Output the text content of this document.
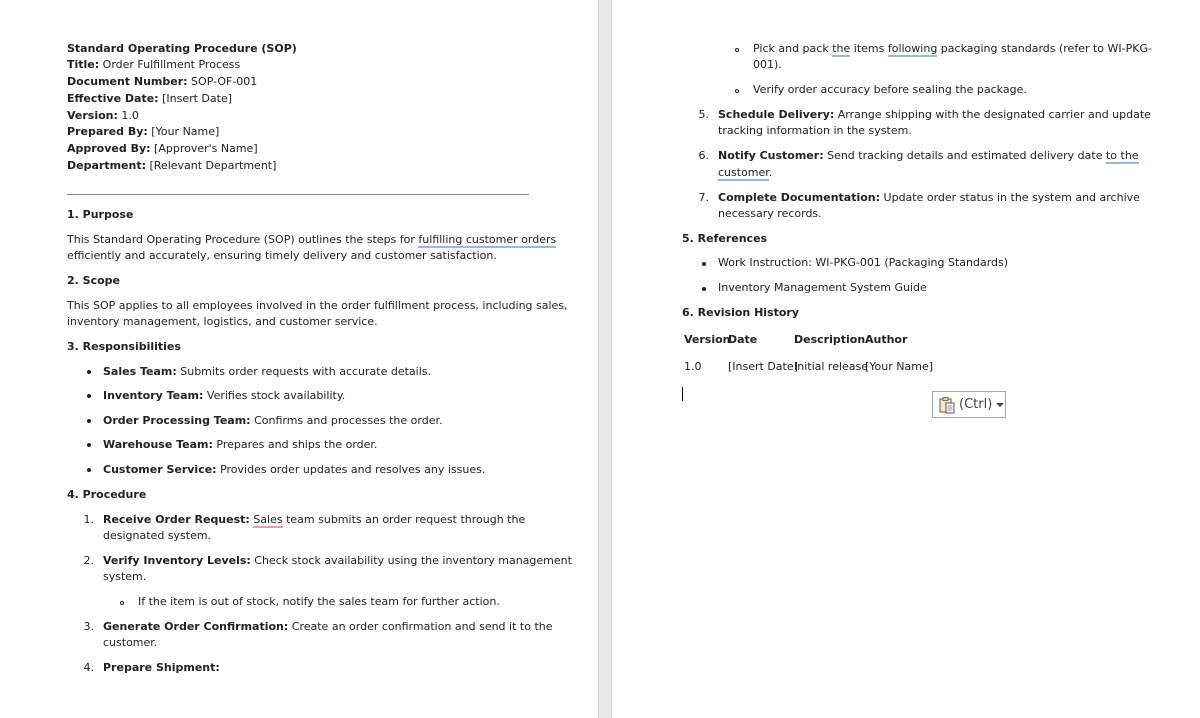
Standard Operating Procedure (SOP)
Title: Order Fulfillment Process
Document Number: SOP-OF-001
Effective Date: [Insert Date]
Version: 1.0
Prepared By: [Your Name]
Approved By: [Approver's Name]
Department: [Relevant Department]
1. Purpose
This Standard Operating Procedure (SOP) outlines the steps for fulfilling customer orders
efficiently and accurately, ensuring timely delivery and customer satisfaction.
2. Scope
This SOP applies to all employees involved in the order fulfillment process, including sales,
inventory management, logistics, and customer service.
3. Responsibilities
Sales Team: Submits order requests with accurate details.
Inventory Team: Verifies stock availability.
Order Processing Team: Confirms and processes the order.
Warehouse Team: Prepares and ships the order.
Customer Service: Provides order updates and resolves any issues.
4. Procedure
1. Receive Order Request: Sales team submits an order request through the
designated system.
2. Verify Inventory Levels: Check stock availability using the inventory management
system.
If the item is out of stock, notify the sales team for further action.
3. Generate Order Confirmation: Create an order confirmation and send it to the
customer.
4. Prepare Shipment:
Pick and pack the items following packaging standards (refer to WI-PKG-
001).
Verify order accuracy before sealing the package.
5. Schedule Delivery: Arrange shipping with the designated carrier and update
tracking information in the system.
6. Notify Customer: Send tracking details and estimated delivery date to the
customer.
7. Complete Documentation: Update order status in the system and archive
necessary records.
5. References
Work Instruction: WI-PKG-001 (Packaging Standards)
Inventory Management System Guide
6. Revision History
Version
Date	Description Author
1.0 [Insert Date]
Initial release
[Your Name]
(Ctrl)
